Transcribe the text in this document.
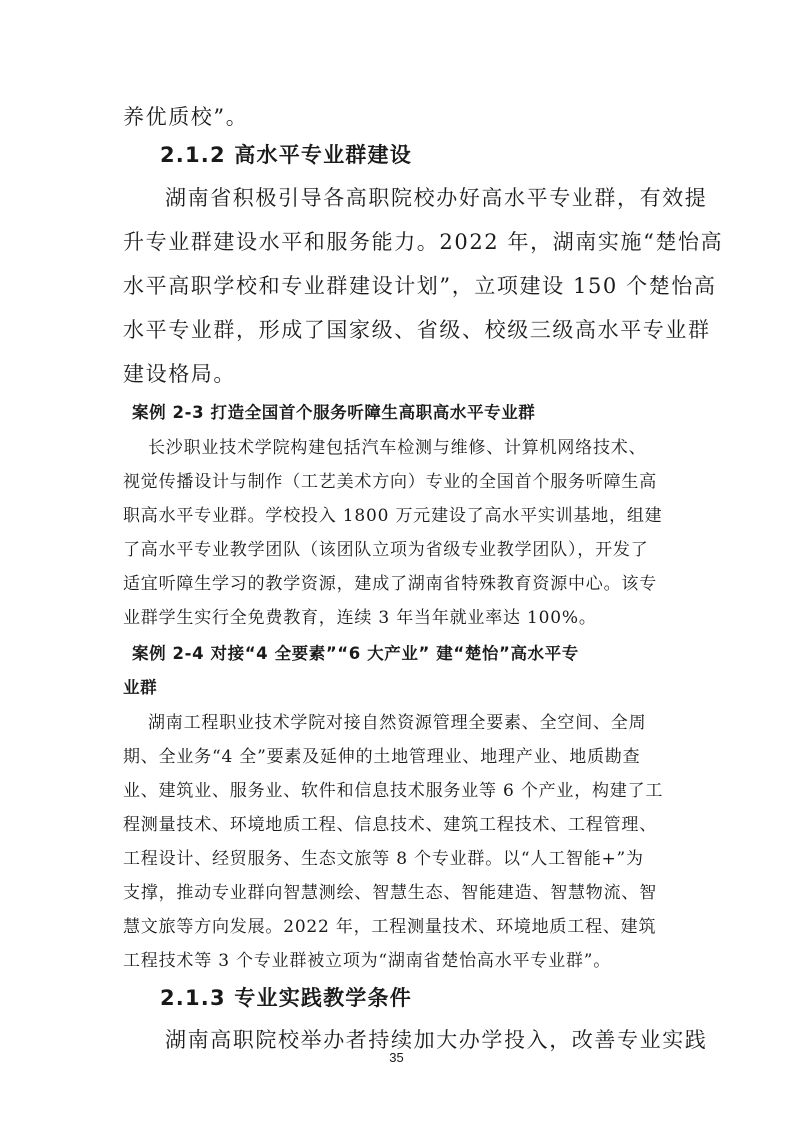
养优质校”。
2.1.2 高水平专业群建设
湖南省积极引导各高职院校办好高水平专业群，有效提
升专业群建设水平和服务能力。2022 年，湖南实施“楚怡高
水平高职学校和专业群建设计划”，立项建设 150 个楚怡高
水平专业群，形成了国家级、省级、校级三级高水平专业群
建设格局。
案例 2-3 打造全国首个服务听障生高职高水平专业群
长沙职业技术学院构建包括汽车检测与维修、计算机网络技术、
视觉传播设计与制作（工艺美术方向）专业的全国首个服务听障生高
职高水平专业群。学校投入 1800 万元建设了高水平实训基地，组建
了高水平专业教学团队（该团队立项为省级专业教学团队），开发了
适宜听障生学习的教学资源，建成了湖南省特殊教育资源中心。该专
业群学生实行全免费教育，连续 3 年当年就业率达 100%。
案例 2-4 对接“4 全要素”“6 大产业” 建“楚怡”高水平专
业群
湖南工程职业技术学院对接自然资源管理全要素、全空间、全周
期、全业务“4 全”要素及延伸的土地管理业、地理产业、地质勘查
业、建筑业、服务业、软件和信息技术服务业等 6 个产业，构建了工
程测量技术、环境地质工程、信息技术、建筑工程技术、工程管理、
工程设计、经贸服务、生态文旅等 8 个专业群。以“人工智能+”为
支撑，推动专业群向智慧测绘、智慧生态、智能建造、智慧物流、智
慧文旅等方向发展。2022 年，工程测量技术、环境地质工程、建筑
工程技术等 3 个专业群被立项为“湖南省楚怡高水平专业群”。
2.1.3 专业实践教学条件
湖南高职院校举办者持续加大办学投入，改善专业实践
35
